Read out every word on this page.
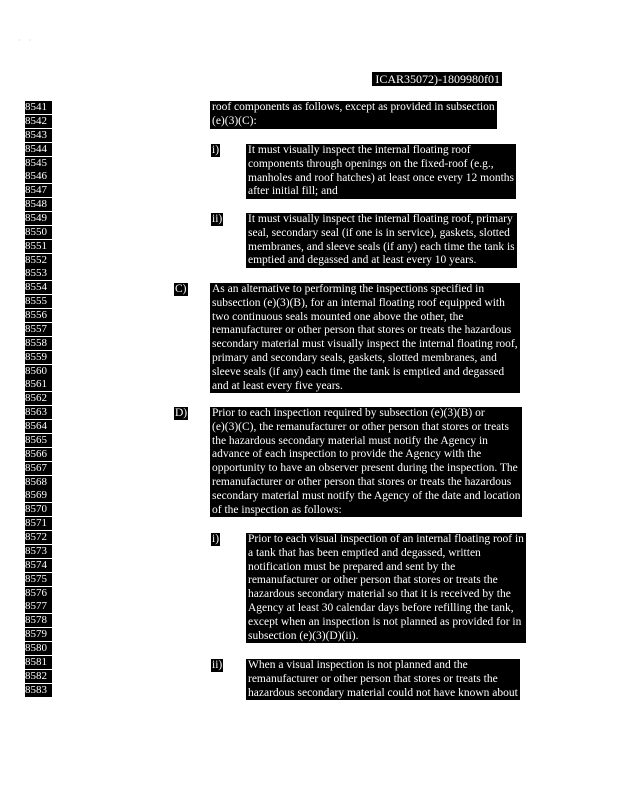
·    ·
ICAR35072)-1809980f01
8541
8542
8543
8544
8545
8546
8547
8548
8549
8550
8551
8552
8553
8554
8555
8556
8557
8558
8559
8560
8561
8562
8563
8564
8565
8566
8567
8568
8569
8570
8571
8572
8573
8574
8575
8576
8577
8578
8579
8580
8581
8582
8583
roof components as follows, except as provided in subsection
(e)(3)(C):
i)	It must visually inspect the internal floating roof
components through openings on the fixed-roof (e.g.,
manholes and roof hatches) at least once every 12 months
after initial fill; and
ii) It must visually inspect the internal floating roof, primary
seal, secondary seal (if one is in service), gaskets, slotted
membranes, and sleeve seals (if any) each time the tank is
emptied and degassed and at least every 10 years.
C) As an alternative to performing the inspections specified in
subsection (e)(3)(B), for an internal floating roof equipped with
two continuous seals mounted one above the other, the
remanufacturer or other person that stores or treats the hazardous
secondary material must visually inspect the internal floating roof,
primary and secondary seals, gaskets, slotted membranes, and
sleeve seals (if any) each time the tank is emptied and degassed
and at least every five years.
D) Prior to each inspection required by subsection (e)(3)(B) or
(e)(3)(C), the remanufacturer or other person that stores or treats
the hazardous secondary material must notify the Agency in
advance of each inspection to provide the Agency with the
opportunity to have an observer present during the inspection. The
remanufacturer or other person that stores or treats the hazardous
secondary material must notify the Agency of the date and location
of the inspection as follows:
i)	Prior to each visual inspection of an internal floating roof in
a tank that has been emptied and degassed, written
notification must be prepared and sent by the
remanufacturer or other person that stores or treats the
hazardous secondary material so that it is received by the
Agency at least 30 calendar days before refilling the tank,
except when an inspection is not planned as provided for in
subsection (e)(3)(D)(ii).
ii) When a visual inspection is not planned and the
remanufacturer or other person that stores or treats the
hazardous secondary material could not have known about
